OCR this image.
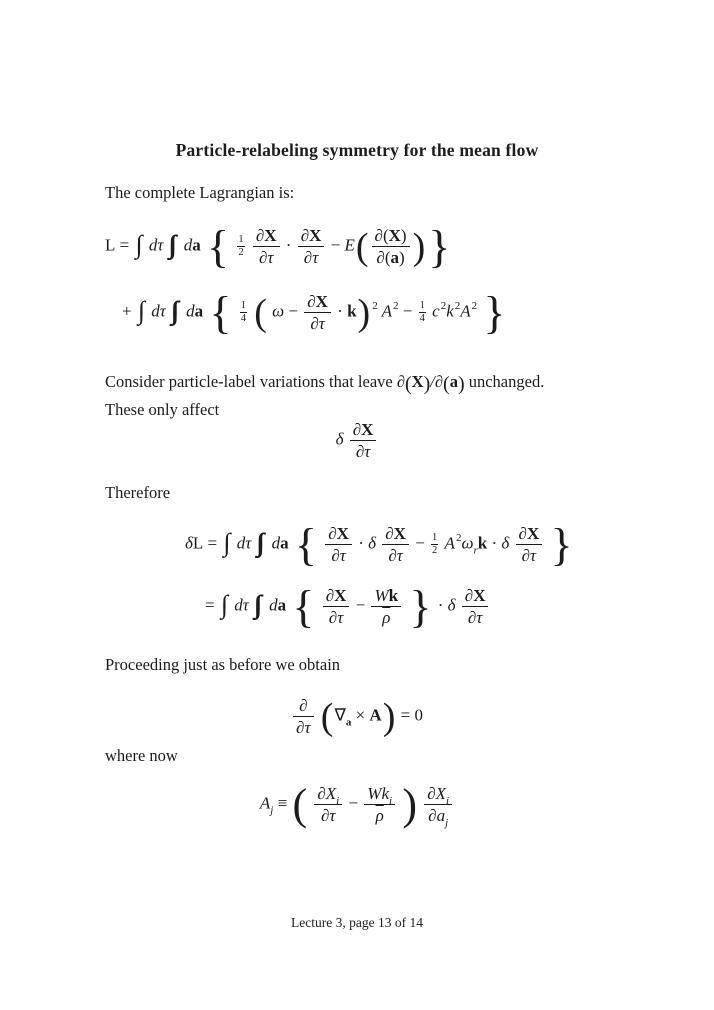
Particle-relabeling symmetry for the mean flow
The complete Lagrangian is:
L = ∫ dτ da { $\frac{1}{2}$
$\frac{\partial X}{\partial\tau} \cdot \frac{\partial X}{\partial\tau} - E( \frac{\partial(X)}{\partial(a)}$ )}
+ ∫ dτ da { $\frac{1}{4}$ ( $\omega - \frac{\partial X}{\partial\tau} \cdot k$) $^2$ $A^2 - \frac{1}{4} c^2k^2A^2$ }
Consider particle-label variations that leave ∂(X)/∂(a) unchanged.
These only affect
δ $\frac{\partial X}{\partial\tau}$
Therefore
δL = ∫ dτ da { $\frac{\partial X}{\partial\tau} \cdot \delta \frac{\partial X}{\partial\tau} - \frac{1}{2} A^2\omega_rk \cdot \delta \frac{\partial X}{\partial\tau}$ }
= ∫ dτ da { $\frac{\partial X}{\partial\tau} - \frac{Wk}{\rho}$ } · δ $\frac{\partial X}{\partial\tau}$
Proceeding just as before we obtain
$\frac{\partial}{\partial\tau} (\nabla_a \times A) = 0$
where now
$A_j$ ≡ ( $\frac{\partial X_i}{\partial\tau} - \frac{Wk_i}{\rho}$ ) $\frac{\partial X_i}{\partial a_j}$
Lecture 3, page 13 of 14
